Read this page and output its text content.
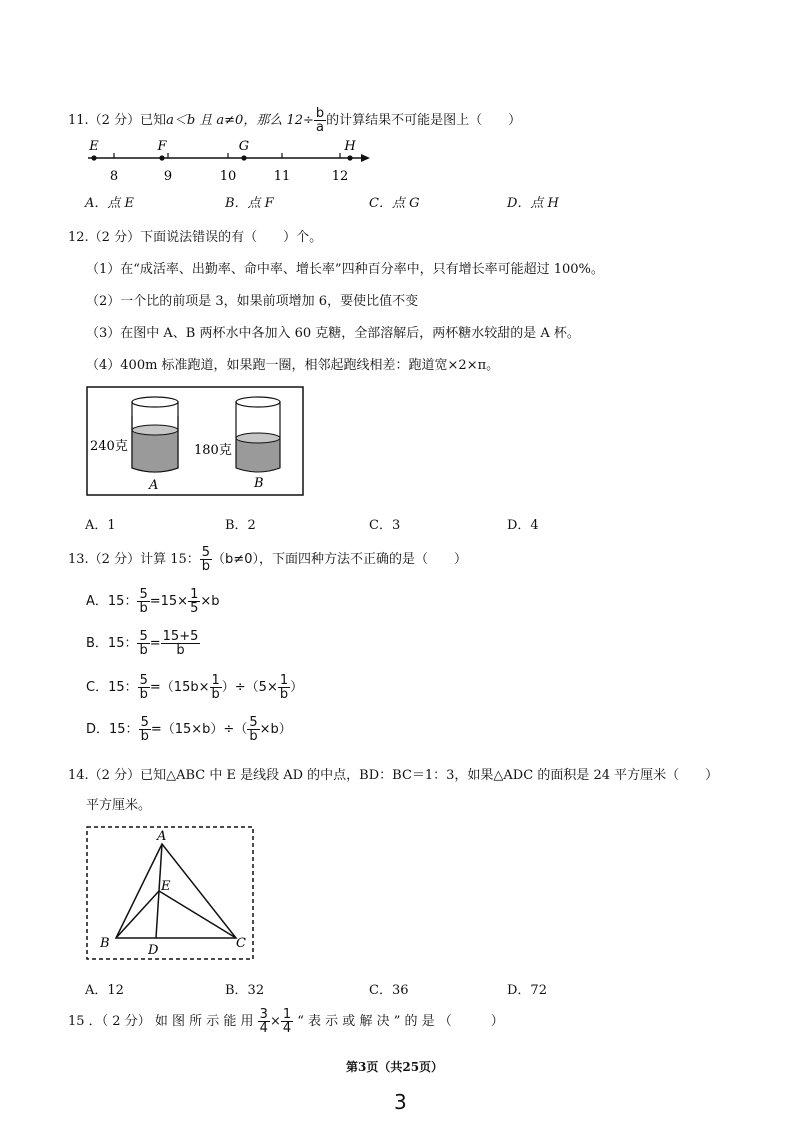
11.（2 分）已知a＜b 且 a≠0，那么 $12\div \frac{b}{a}$ 的计算结果不可能是图上（　　）
8	9	10	11	12
E	F	G	H
A．点 E	B．点 F	C．点 G	D．点 H
12.（2 分）下面说法错误的有（　　）个。
（1）在“成活率、出勤率、命中率、增长率”四种百分率中，只有增长率可能超过 100%。
（2）一个比的前项是 3，如果前项增加 6，要使比值不变
（3）在图中 A、B 两杯水中各加入 60 克糖，全部溶解后，两杯糖水较甜的是 A 杯。
（4）400m 标准跑道，如果跑一圈，相邻起跑线相差：跑道宽×2×π。
240克	180克
A	B
A．1	B．2	C．3	D．4
13.（2 分）计算 15： $\frac{5}{b} (b\ne 0)$，下面四种方法不正确的是（　　）
A．15： $\frac{5}{b} =15\times \frac{1}{5} \times b$
B．15： $\frac{5}{b} = \frac{15+5}{b}$
C．15： $\frac{5}{b} =(15b\times \frac{1}{b} )\div(5\times \frac{1}{b}$ ）
D．15： $\frac{5}{b} =(15\times b)\div( \frac{5}{b} \times b)$
14.（2 分）已知△ABC 中 E 是线段 AD 的中点，BD：BC＝1：3，如果△ADC 的面积是 24 平方厘米（　　）
平方厘米。
A
B	C
D
E
A．12	B．32	C．36	D．72
15 ．（ 2 分） 如 图 所 示 能 用 $\frac{3}{4} \times \frac{1}{4}$ “ 表 示 或 解 决 ” 的 是 （　　　）
第3页（共25页）
3
